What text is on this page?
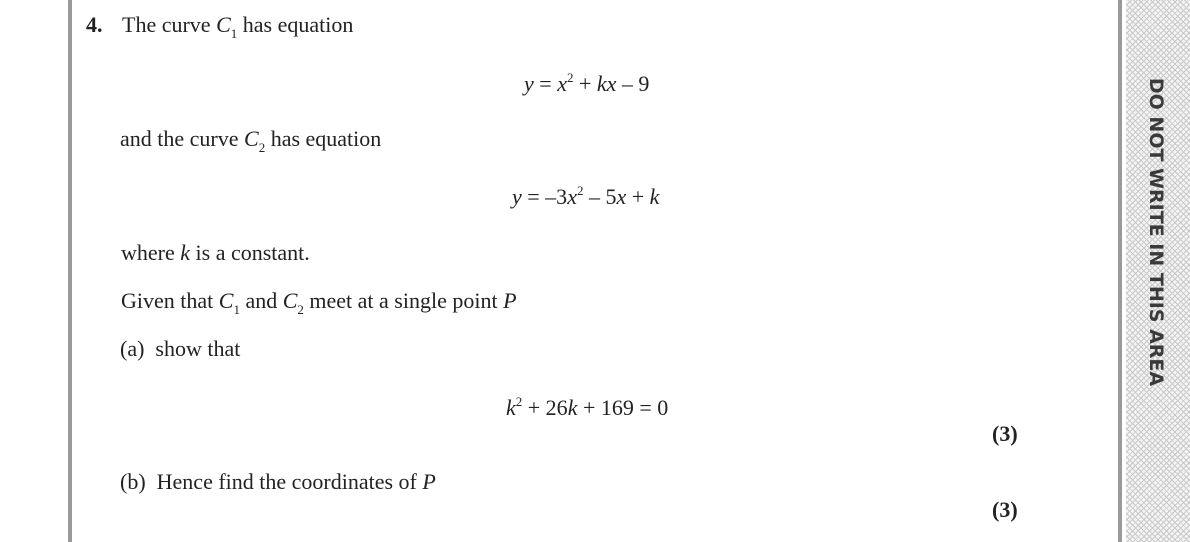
DO NOT WRITE IN THIS AREA
4. The curve $C_1$ has equation
$y = x^2$ + kx – 9
and the curve $C_2$ has equation
$y = -3x^2 - 5x + k$
where k is a constant.
Given that $C_1$ and $C_2$ meet at a single point P
(a) show that
$k^2 + 26k + 169 = 0$
(3)
(b) Hence find the coordinates of P
(3)
